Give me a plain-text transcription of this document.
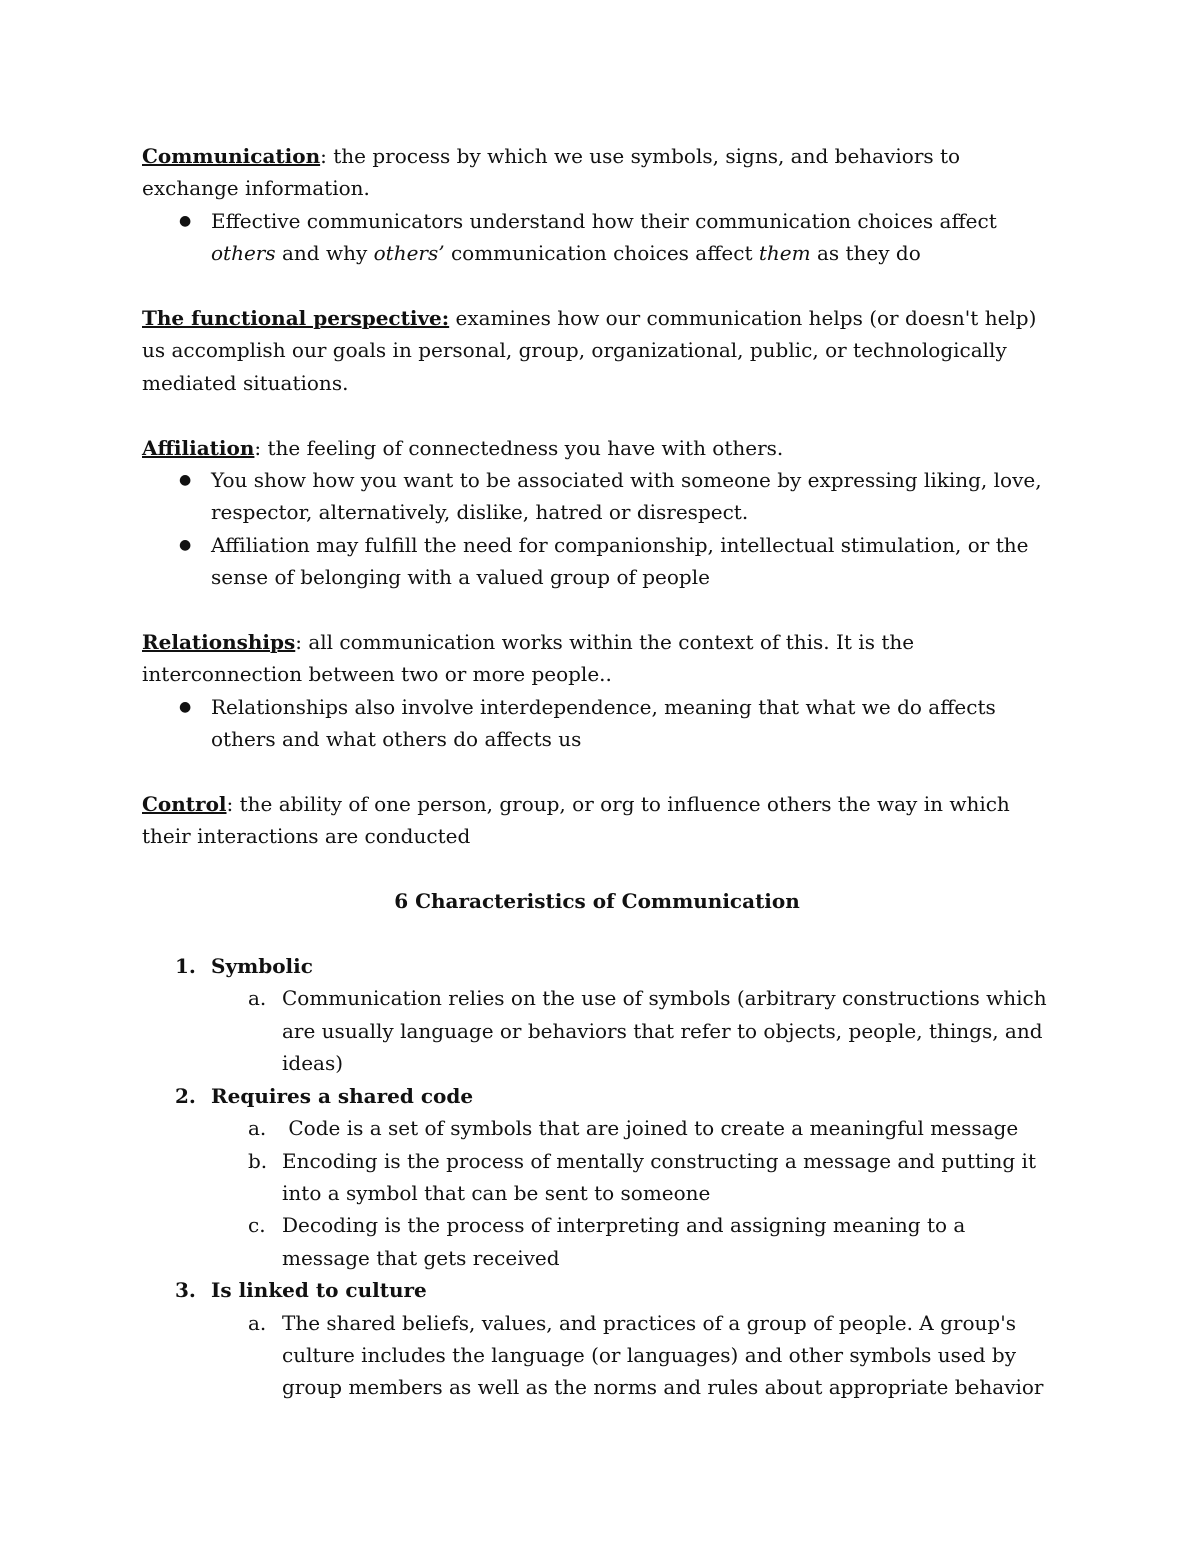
Communication: the process by which we use symbols, signs, and behaviors to exchange information.

● Effective communicators understand how their communication choices affect others and why others’ communication choices affect them as they do

The functional perspective: examines how our communication helps (or doesn't help) us accomplish our goals in personal, group, organizational, public, or technologically mediated situations.

Affiliation: the feeling of connectedness you have with others.

● You show how you want to be associated with someone by expressing liking, love, respector, alternatively, dislike, hatred or disrespect.
● Affiliation may fulfill the need for companionship, intellectual stimulation, or the sense of belonging with a valued group of people

Relationships: all communication works within the context of this. It is the interconnection between two or more people..

● Relationships also involve interdependence, meaning that what we do affects others and what others do affects us

Control: the ability of one person, group, or org to influence others the way in which their interactions are conducted

6 Characteristics of Communication

1. Symbolic
a. Communication relies on the use of symbols (arbitrary constructions which are usually language or behaviors that refer to objects, people, things, and ideas)
2. Requires a shared code
a. Code is a set of symbols that are joined to create a meaningful message
b. Encoding is the process of mentally constructing a message and putting it into a symbol that can be sent to someone
c. Decoding is the process of interpreting and assigning meaning to a message that gets received
3. Is linked to culture
a. The shared beliefs, values, and practices of a group of people. A group's culture includes the language (or languages) and other symbols used by group members as well as the norms and rules about appropriate behavior
